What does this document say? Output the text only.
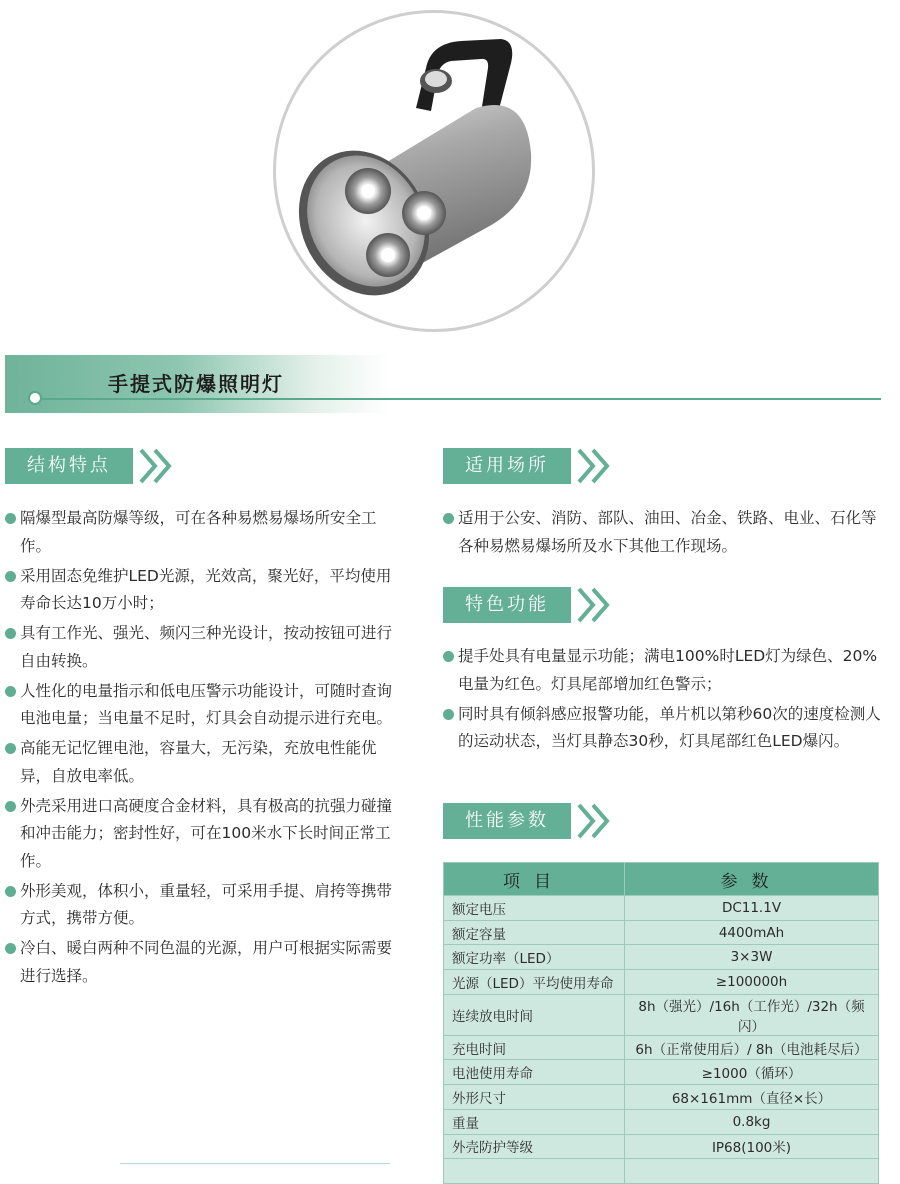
手提式防爆照明灯
结构特点
隔爆型最高防爆等级，可在各种易燃易爆场所安全工作。
采用固态免维护LED光源，光效高，聚光好，平均使用寿命长达10万小时；
具有工作光、强光、频闪三种光设计，按动按钮可进行自由转换。
人性化的电量指示和低电压警示功能设计，可随时查询电池电量；当电量不足时，灯具会自动提示进行充电。
高能无记忆锂电池，容量大，无污染，充放电性能优异，自放电率低。
外壳采用进口高硬度合金材料，具有极高的抗强力碰撞和冲击能力；密封性好，可在100米水下长时间正常工作。
外形美观，体积小，重量轻，可采用手提、肩挎等携带方式，携带方便。
冷白、暖白两种不同色温的光源，用户可根据实际需要进行选择。
适用场所
适用于公安、消防、部队、油田、冶金、铁路、电业、石化等各种易燃易爆场所及水下其他工作现场。
特色功能
提手处具有电量显示功能；满电100%时LED灯为绿色、20%电量为红色。灯具尾部增加红色警示；
同时具有倾斜感应报警功能，单片机以第秒60次的速度检测人的运动状态，当灯具静态30秒，灯具尾部红色LED爆闪。
性能参数
项目	参数
额定电压	DC11.1V
额定容量	4400mAh
额定功率（LED）	3×3W
光源（LED）平均使用寿命	≥100000h
连续放电时间	8h（强光）/16h（工作光）/32h（频闪）
充电时间	6h（正常使用后）/ 8h（电池耗尽后）
电池使用寿命	≥1000（循环）
外形尺寸	68×161mm（直径×长）
重量	0.8kg
外壳防护等级	IP68(100米)
